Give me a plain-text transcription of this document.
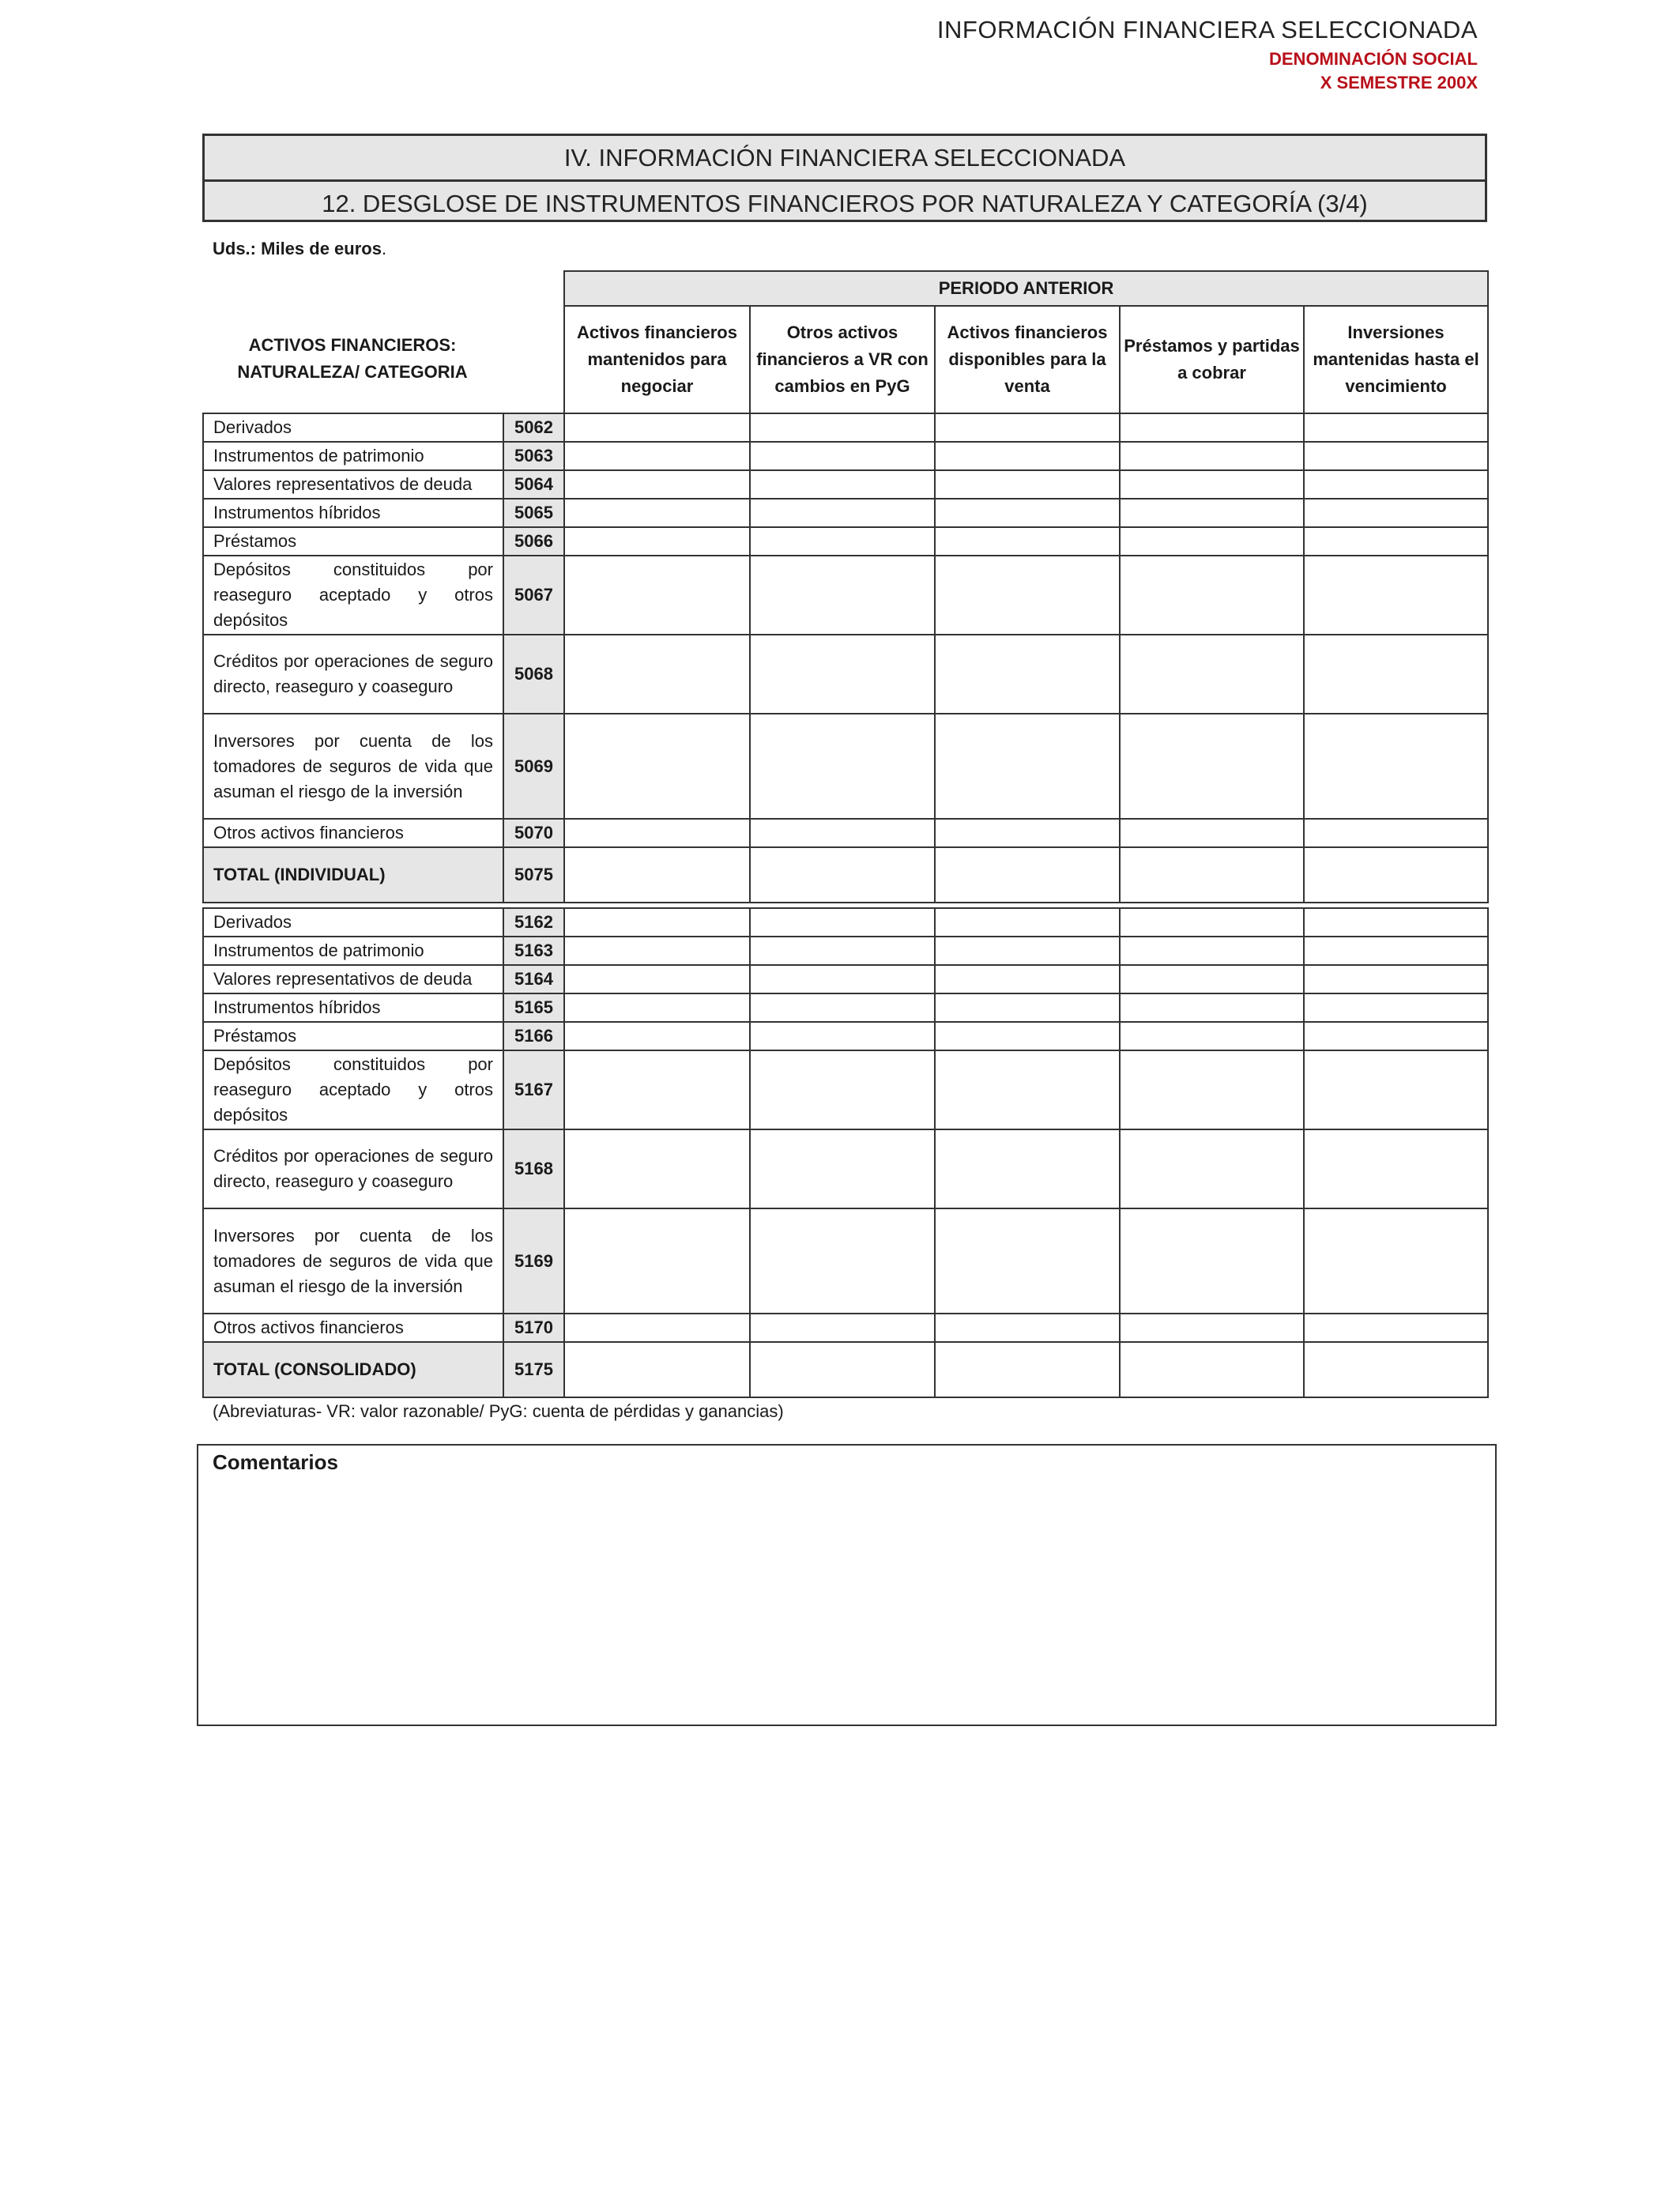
INFORMACIÓN FINANCIERA SELECCIONADA
DENOMINACIÓN SOCIAL
X SEMESTRE 200X
IV. INFORMACIÓN FINANCIERA SELECCIONADA
12. DESGLOSE DE INSTRUMENTOS FINANCIEROS POR NATURALEZA Y CATEGORÍA (3/4)
Uds.: Miles de euros.
ACTIVOS FINANCIEROS:
NATURALEZA/ CATEGORIA
PERIODO ANTERIOR
Activos financieros mantenidos para negociar	Otros activos financieros a VR con cambios en PyG	Activos financieros disponibles para la venta	Préstamos y partidas a cobrar	Inversiones mantenidas hasta el vencimiento
Derivados	5062					
Instrumentos de patrimonio	5063					
Valores representativos de deuda	5064					
Instrumentos híbridos	5065					
Préstamos	5066					
Depósitos constituidos por reaseguro aceptado y otros depósitos	5067					
Créditos por operaciones de seguro directo, reaseguro y coaseguro	5068					
Inversores por cuenta de los tomadores de seguros de vida que asuman el riesgo de la inversión	5069					
Otros activos financieros	5070					
TOTAL (INDIVIDUAL)	5075					
Derivados	5162					
Instrumentos de patrimonio	5163					
Valores representativos de deuda	5164					
Instrumentos híbridos	5165					
Préstamos	5166					
Depósitos constituidos por reaseguro aceptado y otros depósitos	5167					
Créditos por operaciones de seguro directo, reaseguro y coaseguro	5168					
Inversores por cuenta de los tomadores de seguros de vida que asuman el riesgo de la inversión	5169					
Otros activos financieros	5170					
TOTAL (CONSOLIDADO)	5175					
(Abreviaturas- VR: valor razonable/ PyG: cuenta de pérdidas y ganancias)
Comentarios
